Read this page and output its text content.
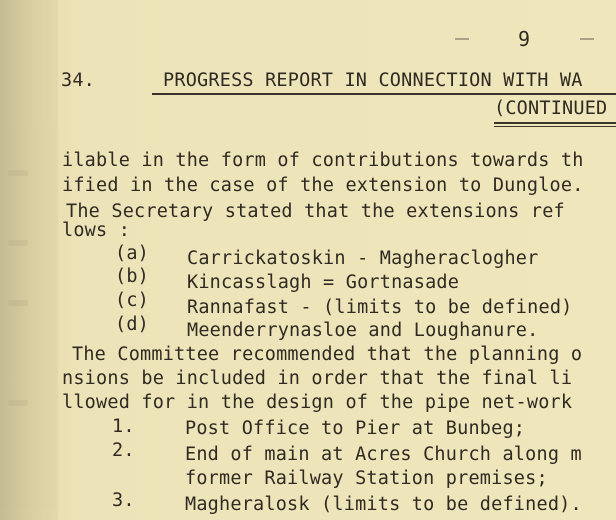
9
34.	PROGRESS REPORT IN CONNECTION WITH WA
(CONTINUED
ilable in the form of contributions towards th
ified in the case of the extension to Dungloe.
The Secretary stated that the extensions ref
lows :
(a) Carrickatoskin - Magheraclogher
(b) Kincasslagh = Gortnasade
(c) Rannafast - (limits to be defined)
(d) Meenderrynasloe and Loughanure.
The Committee recommended that the planning o
nsions be included in order that the final li
llowed for in the design of the pipe net-work
1.	Post Office to Pier at Bunbeg;
2.	End of main at Acres Church along m
former Railway Station premises;
3.	Magheralosk (limits to be defined).
